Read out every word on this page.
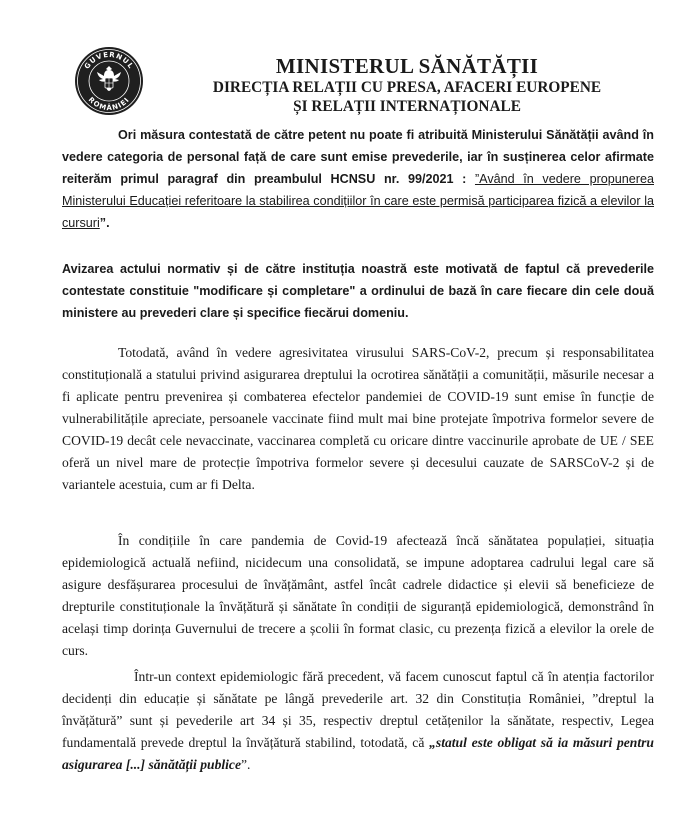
GUVERNUL
ROMÂNIEI
MINISTERUL SĂNĂTĂȚII
DIRECȚIA RELAȚII CU PRESA, AFACERI EUROPENE
ȘI RELAȚII INTERNAȚIONALE
Ori măsura contestată de către petent nu poate fi atribuită Ministerului Sănătății având în vedere categoria de personal față de care sunt emise prevederile, iar în susținerea celor afirmate reiterăm primul paragraf din preambulul HCNSU nr. 99/2021 : ”Având în vedere propunerea Ministerului Educației referitoare la stabilirea condițiilor în care este permisă participarea fizică a elevilor la cursuri”.
Avizarea actului normativ și de către instituția noastră este motivată de faptul că prevederile contestate constituie "modificare și completare" a ordinului de bază în care fiecare din cele două ministere au prevederi clare și specifice fiecărui domeniu.
Totodată, având în vedere agresivitatea virusului SARS-CoV-2, precum și responsabilitatea constituțională a statului privind asigurarea dreptului la ocrotirea sănătății a comunității, măsurile necesar a fi aplicate pentru prevenirea și combaterea efectelor pandemiei de COVID-19 sunt emise în funcție de vulnerabilitățile apreciate, persoanele vaccinate fiind mult mai bine protejate împotriva formelor severe de COVID-19 decât cele nevaccinate, vaccinarea completă cu oricare dintre vaccinurile aprobate de UE / SEE oferă un nivel mare de protecție împotriva formelor severe și decesului cauzate de SARSCoV-2 și de variantele acestuia, cum ar fi Delta.
În condițiile în care pandemia de Covid-19 afectează încă sănătatea populației, situația epidemiologică actuală nefiind, nicidecum una consolidată, se impune adoptarea cadrului legal care să asigure desfășurarea procesului de învățământ, astfel încât cadrele didactice și elevii să beneficieze de drepturile constituționale la învățătură și sănătate în condiții de siguranță epidemiologică, demonstrând în același timp dorința Guvernului de trecere a școlii în format clasic, cu prezența fizică a elevilor la orele de curs.
Într-un context epidemiologic fără precedent, vă facem cunoscut faptul că în atenția factorilor decidenți din educație și sănătate pe lângă prevederile art. 32 din Constituția României, ”dreptul la învățătură” sunt și pevederile art 34 și 35, respectiv dreptul cetățenilor la sănătate, respectiv, Legea fundamentală prevede dreptul la învățătură stabilind, totodată, că „statul este obligat să ia măsuri pentru asigurarea [...] sănătății publice”.
